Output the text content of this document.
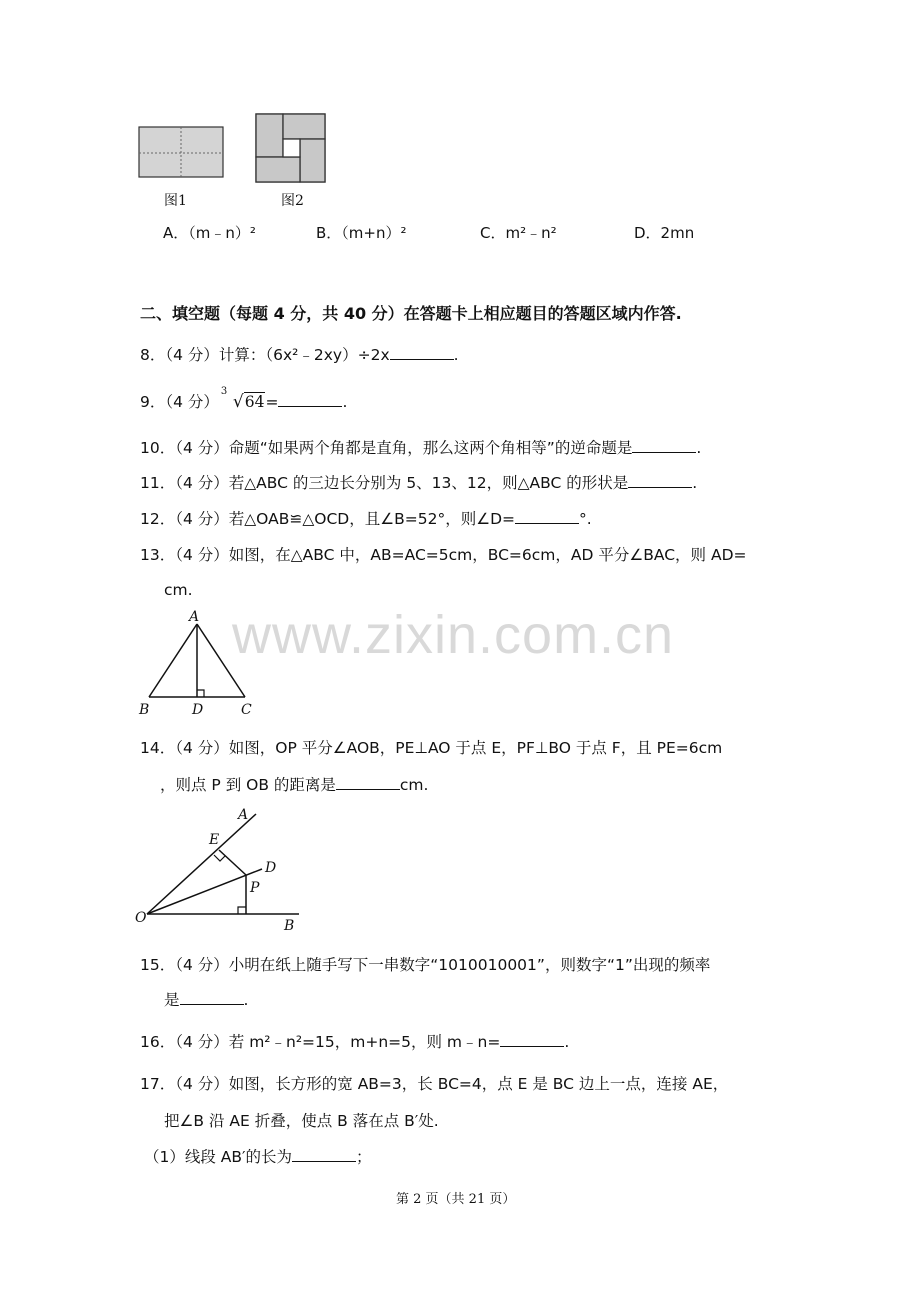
图1	图2
A．（m﹣n）²	B．（m+n）²	C．m²﹣n²	D．2mn
二、填空题（每题 4 分，共 40 分）在答题卡上相应题目的答题区域内作答.
8．（4 分）计算：（6x²﹣2xy）÷2x	.
9．（4 分）
3
√64=	.
10．（4 分）命题“如果两个角都是直角，那么这两个角相等”的逆命题是	.
11．（4 分）若△ABC 的三边长分别为 5、13、12，则△ABC 的形状是	.
12．（4 分）若△OAB≌△OCD，且∠B=52°，则∠D=	°.
13．（4 分）如图，在△ABC 中，AB=AC=5cm，BC=6cm，AD 平分∠BAC，则 AD=
cm.
www.zixin.com.cn
A
B	D	C
14．（4 分）如图，OP 平分∠AOB，PE⊥AO 于点 E，PF⊥BO 于点 F，且 PE=6cm
，则点 P 到 OB 的距离是	cm.
A
E
D
P
O	B
15．（4 分）小明在纸上随手写下一串数字“1010010001”，则数字“1”出现的频率
是	.
16．（4 分）若 m²﹣n²=15，m+n=5，则 m﹣n=	.
17．（4 分）如图，长方形的宽 AB=3，长 BC=4，点 E 是 BC 边上一点，连接 AE，
把∠B 沿 AE 折叠，使点 B 落在点 B′处.
（1）线段 AB′的长为	；
第 2 页（共 21 页）
